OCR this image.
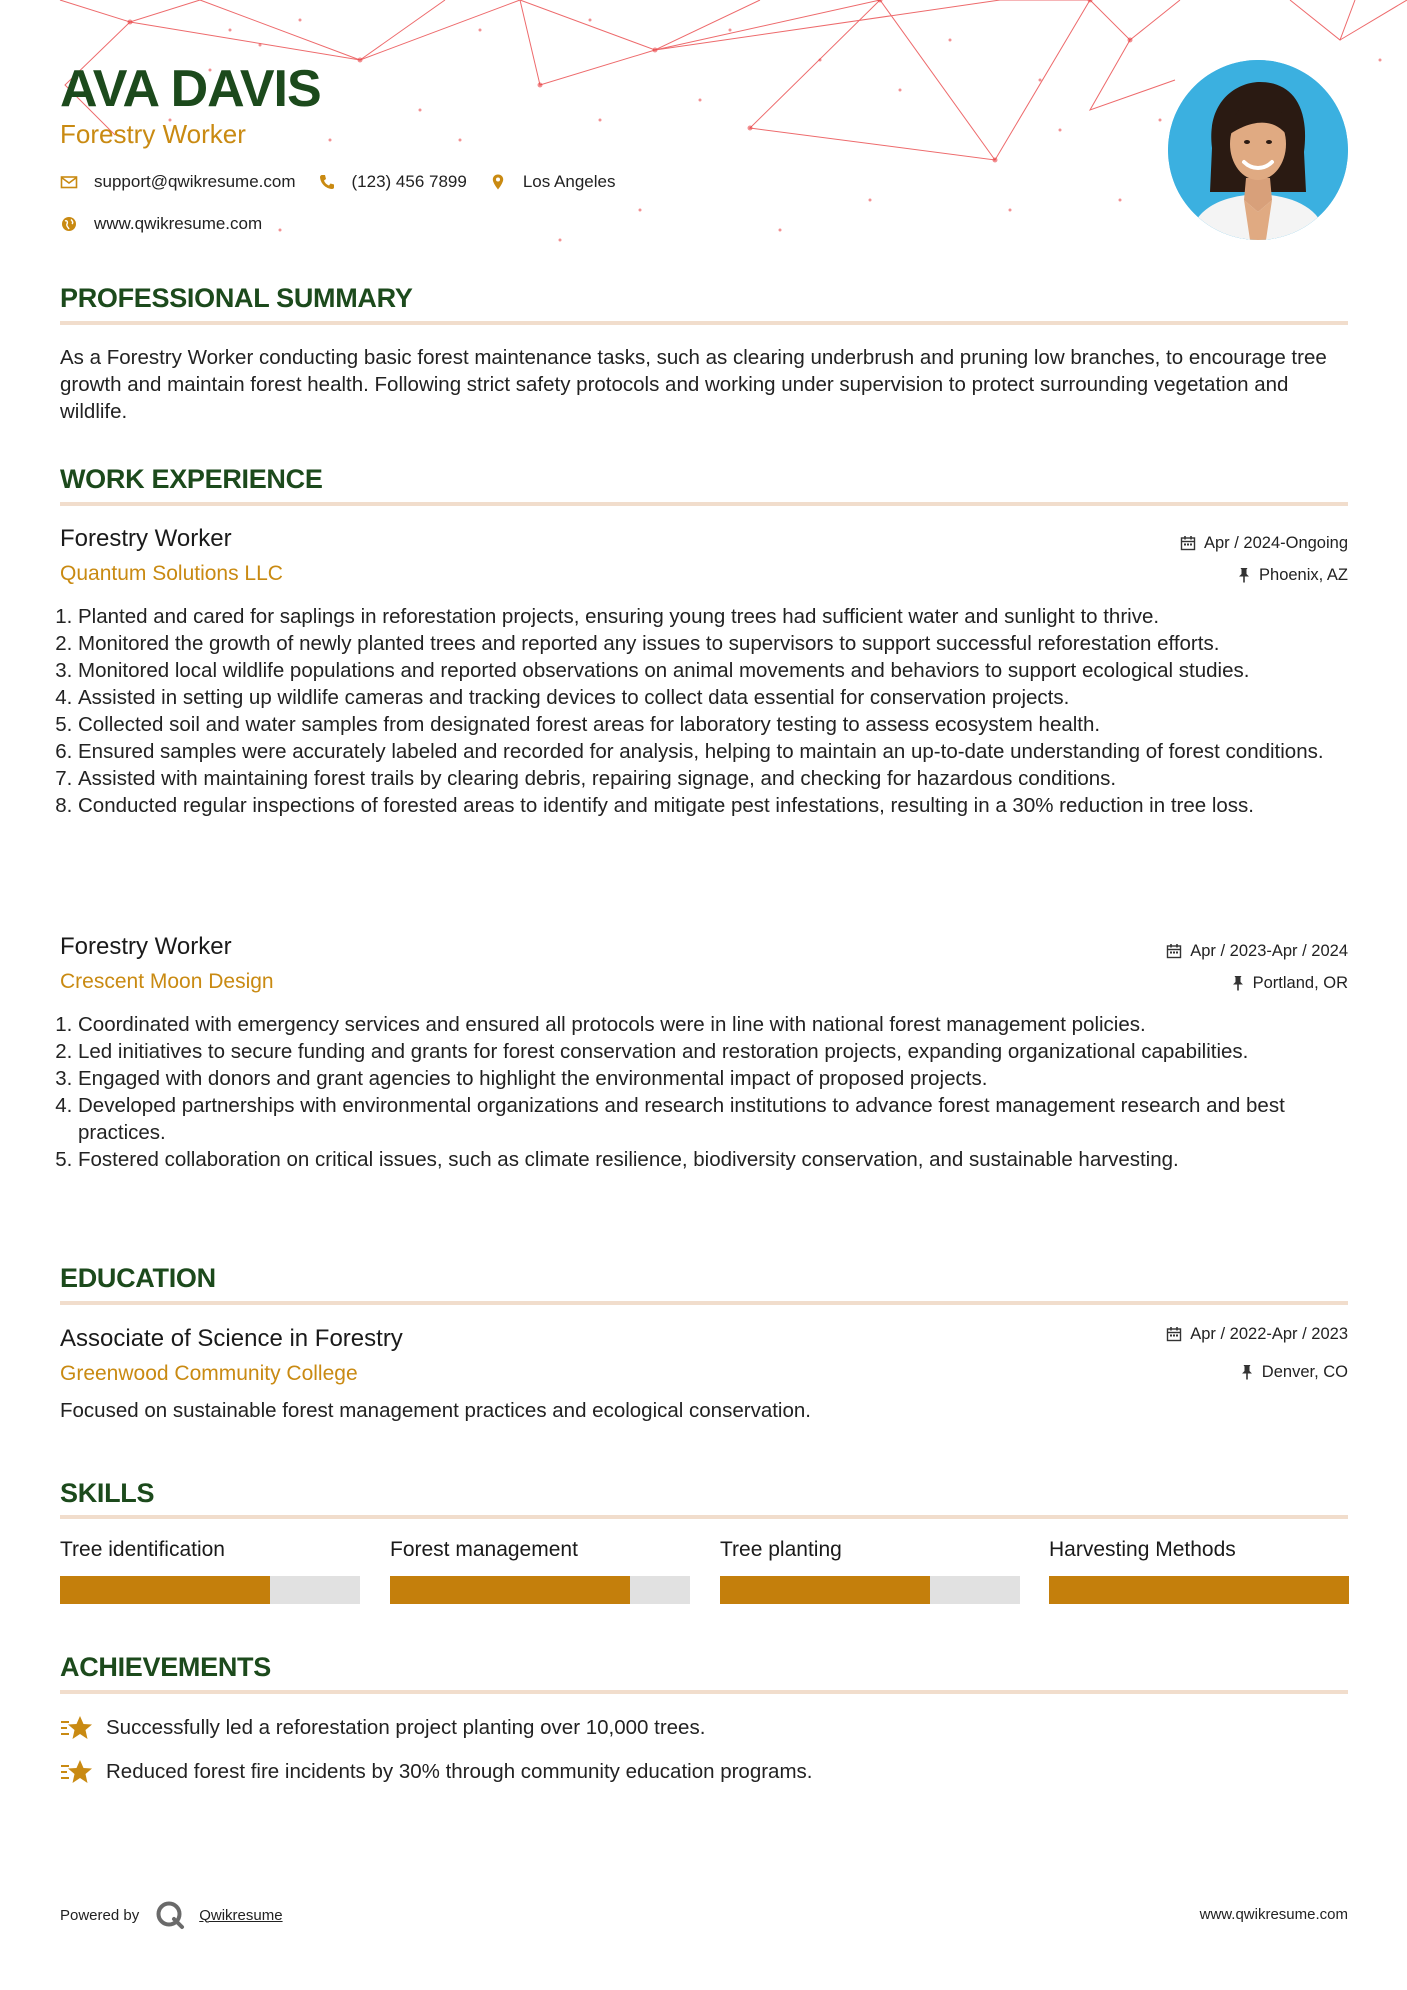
AVA DAVIS
Forestry Worker
support@qwikresume.com	(123) 456 7899	Los Angeles
www.qwikresume.com
PROFESSIONAL SUMMARY
As a Forestry Worker conducting basic forest maintenance tasks, such as clearing underbrush and pruning low branches, to encourage tree growth and maintain forest health. Following strict safety protocols and working under supervision to protect surrounding vegetation and wildlife.
WORK EXPERIENCE
Forestry Worker
Quantum Solutions LLC
Apr / 2024-Ongoing
Phoenix, AZ
1. Planted and cared for saplings in reforestation projects, ensuring young trees had sufficient water and sunlight to thrive.
2. Monitored the growth of newly planted trees and reported any issues to supervisors to support successful reforestation efforts.
3. Monitored local wildlife populations and reported observations on animal movements and behaviors to support ecological studies.
4. Assisted in setting up wildlife cameras and tracking devices to collect data essential for conservation projects.
5. Collected soil and water samples from designated forest areas for laboratory testing to assess ecosystem health.
6. Ensured samples were accurately labeled and recorded for analysis, helping to maintain an up-to-date understanding of forest conditions.
7. Assisted with maintaining forest trails by clearing debris, repairing signage, and checking for hazardous conditions.
8. Conducted regular inspections of forested areas to identify and mitigate pest infestations, resulting in a 30% reduction in tree loss.
Forestry Worker
Crescent Moon Design
Apr / 2023-Apr / 2024
Portland, OR
1. Coordinated with emergency services and ensured all protocols were in line with national forest management policies.
2. Led initiatives to secure funding and grants for forest conservation and restoration projects, expanding organizational capabilities.
3. Engaged with donors and grant agencies to highlight the environmental impact of proposed projects.
4. Developed partnerships with environmental organizations and research institutions to advance forest management research and best practices.
5. Fostered collaboration on critical issues, such as climate resilience, biodiversity conservation, and sustainable harvesting.
EDUCATION
Associate of Science in Forestry
Greenwood Community College
Apr / 2022-Apr / 2023
Denver, CO
Focused on sustainable forest management practices and ecological conservation.
SKILLS
Tree identification	Forest management	Tree planting	Harvesting Methods
ACHIEVEMENTS
Successfully led a reforestation project planting over 10,000 trees.
Reduced forest fire incidents by 30% through community education programs.
Powered by	Qwikresume	www.qwikresume.com
